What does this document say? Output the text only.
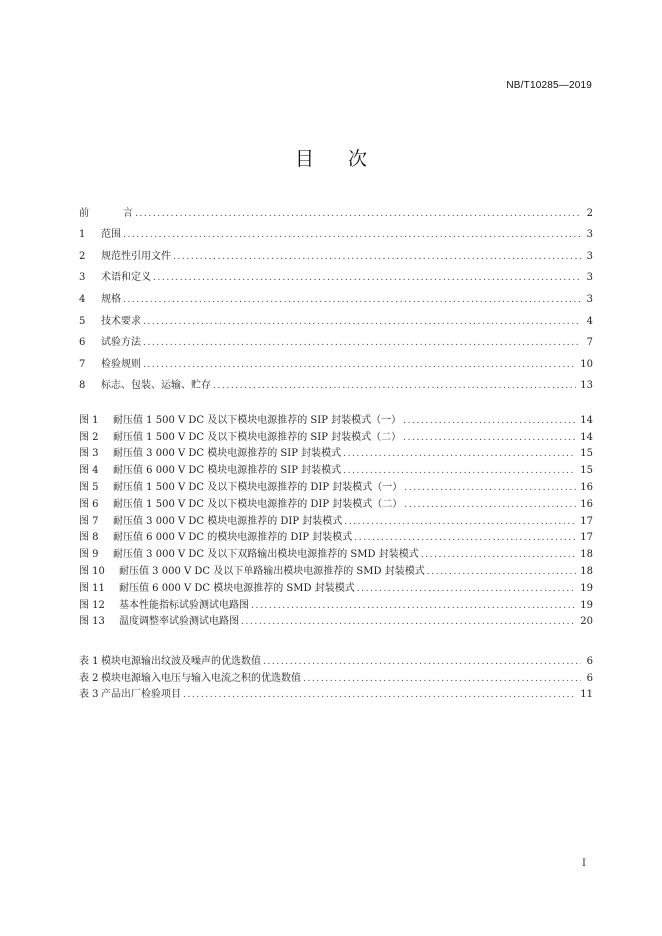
NB/T10285—2019
目 次
前	言 .....	2
1	范围 .....	3
2	规范性引用文件 .....	3
3	术语和定义 .....	3
4	规格 .....	3
5	技术要求 .....	4
6	试验方法 .....	7
7	检验规则 .....	10
8	标志、包装、运输、贮存 .....	13
图 1	耐压值 1 500 V DC 及以下模块电源推荐的 SIP 封装模式（一） .....	14
图 2	耐压值 1 500 V DC 及以下模块电源推荐的 SIP 封装模式（二） .....	14
图 3	耐压值 3 000 V DC 模块电源推荐的 SIP 封装模式 .....	15
图 4	耐压值 6 000 V DC 模块电源推荐的 SIP 封装模式 .....	15
图 5	耐压值 1 500 V DC 及以下模块电源推荐的 DIP 封装模式（一） .....	16
图 6	耐压值 1 500 V DC 及以下模块电源推荐的 DIP 封装模式（二） .....	16
图 7	耐压值 3 000 V DC 模块电源推荐的 DIP 封装模式 .....	17
图 8	耐压值 6 000 V DC 的模块电源推荐的 DIP 封装模式 .....	17
图 9	耐压值 3 000 V DC 及以下双路输出模块电源推荐的 SMD 封装模式 .....	18
图 10	耐压值 3 000 V DC 及以下单路输出模块电源推荐的 SMD 封装模式 .....	18
图 11	耐压值 6 000 V DC 模块电源推荐的 SMD 封装模式 .....	19
图 12	基本性能指标试验测试电路图 .....	19
图 13	温度调整率试验测试电路图 .....	20
表 1 模块电源输出纹波及噪声的优选数值 .....	6
表 2 模块电源输入电压与输入电流之积的优选数值 .....	6
表 3 产品出厂检验项目 .....	11
I
